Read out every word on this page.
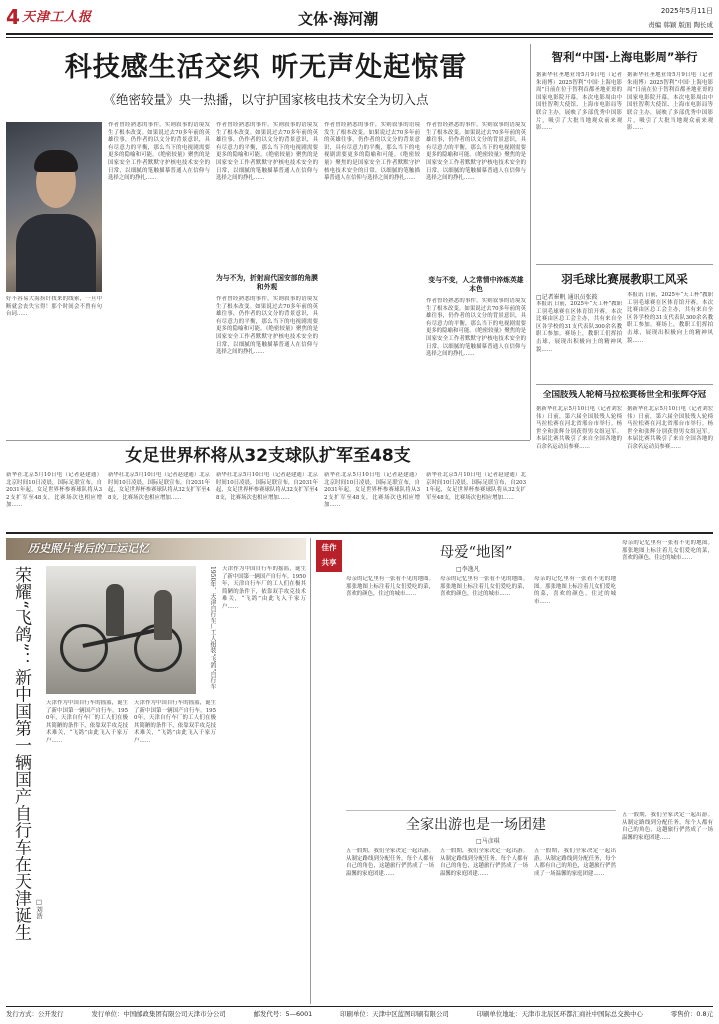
4 天津工人报	文体·海河潮	2025年5月11日
责编 韩颖 版面 陶长成
科技感生活交织 听无声处起惊雷
《绝密较量》央一热播，以守护国家核电技术安全为切入点
好不容易大海捞针找来的线索，一旦中断就会丧失宝得！那个时间会不曾有句台词……
作者曾经熟悉的事件，实则叙事的语境发生了根本改变。如果说过去70多年前的英雄往事，仍作者的以文分的背景意识，具有尽意力的平衡，那么当下的电视剧需要更多的隐喻和可能。《绝密较量》聚焦的是国家安全工作者默默守护核电技术安全的日常，以细腻的笔触描摹普通人在信仰与选择之间的挣扎……
作者曾经熟悉的事件，实则叙事的语境发生了根本改变。如果说过去70多年前的英雄往事，仍作者的以文分的背景意识，具有尽意力的平衡，那么当下的电视剧需要更多的隐喻和可能。《绝密较量》聚焦的是国家安全工作者默默守护核电技术安全的日常，以细腻的笔触描摹普通人在信仰与选择之间的挣扎……
为与不为，折射肩代国安部的角膜和外观
作者曾经熟悉的事件，实则叙事的语境发生了根本改变。如果说过去70多年前的英雄往事，仍作者的以文分的背景意识，具有尽意力的平衡，那么当下的电视剧需要更多的隐喻和可能。《绝密较量》聚焦的是国家安全工作者默默守护核电技术安全的日常，以细腻的笔触描摹普通人在信仰与选择之间的挣扎……
作者曾经熟悉的事件，实则叙事的语境发生了根本改变。如果说过去70多年前的英雄往事，仍作者的以文分的背景意识，具有尽意力的平衡，那么当下的电视剧需要更多的隐喻和可能。《绝密较量》聚焦的是国家安全工作者默默守护核电技术安全的日常，以细腻的笔触描摹普通人在信仰与选择之间的挣扎……
作者曾经熟悉的事件，实则叙事的语境发生了根本改变。如果说过去70多年前的英雄往事，仍作者的以文分的背景意识，具有尽意力的平衡，那么当下的电视剧需要更多的隐喻和可能。《绝密较量》聚焦的是国家安全工作者默默守护核电技术安全的日常，以细腻的笔触描摹普通人在信仰与选择之间的挣扎……
变与不变，人之常情中淬炼英雄本色
作者曾经熟悉的事件，实则叙事的语境发生了根本改变。如果说过去70多年前的英雄往事，仍作者的以文分的背景意识，具有尽意力的平衡，那么当下的电视剧需要更多的隐喻和可能。《绝密较量》聚焦的是国家安全工作者默默守护核电技术安全的日常，以细腻的笔触描摹普通人在信仰与选择之间的挣扎……
智利“中国·上海电影周”举行
据新华社圣地亚哥5月9日电（记者朱雨博）2025智利“中国·上海电影周”日前在位于智利首都圣地亚哥的国家电影院开幕。本次电影周由中国驻智利大使馆、上海市电影局等联合主办，展映了多部优秀中国影片，吸引了大批当地观众前来观影……
据新华社圣地亚哥5月9日电（记者朱雨博）2025智利“中国·上海电影周”日前在位于智利首都圣地亚哥的国家电影院开幕。本次电影周由中国驻智利大使馆、上海市电影局等联合主办，展映了多部优秀中国影片，吸引了大批当地观众前来观影……
羽毛球比赛展教职工风采
□记者崔帆 通讯员张筱
本报讯 日前，2025年“天工杯”教职工羽毛球赛在区体育馆开赛。本次比赛由区总工会主办，共有来自全区各学校的31支代表队300余名教职工参加。赛场上，教职工们挥拍击球，展现出积极向上的精神风貌……
本报讯 日前，2025年“天工杯”教职工羽毛球赛在区体育馆开赛。本次比赛由区总工会主办，共有来自全区各学校的31支代表队300余名教职工参加。赛场上，教职工们挥拍击球，展现出积极向上的精神风貌……
全国肢残人轮椅马拉松赛杨世全和张辉夺冠
据新华社北京5月10日电（记者刘宏伟）日前，第六届全国肢残人轮椅马拉松赛在河北省邢台市举行。杨世全和张辉分别获得男女组冠军。本届比赛共吸引了来自全国各地的百余名运动员参赛……
据新华社北京5月10日电（记者刘宏伟）日前，第六届全国肢残人轮椅马拉松赛在河北省邢台市举行。杨世全和张辉分别获得男女组冠军。本届比赛共吸引了来自全国各地的百余名运动员参赛……
女足世界杯将从32支球队扩军至48支
新华社北京5月10日电（记者赵建通）北京时间10日凌晨，国际足联宣布，自2031年起，女足世界杯参赛球队将从32支扩军至48支，比赛场次也相应增加……
新华社北京5月10日电（记者赵建通）北京时间10日凌晨，国际足联宣布，自2031年起，女足世界杯参赛球队将从32支扩军至48支，比赛场次也相应增加……
新华社北京5月10日电（记者赵建通）北京时间10日凌晨，国际足联宣布，自2031年起，女足世界杯参赛球队将从32支扩军至48支，比赛场次也相应增加……
新华社北京5月10日电（记者赵建通）北京时间10日凌晨，国际足联宣布，自2031年起，女足世界杯参赛球队将从32支扩军至48支，比赛场次也相应增加……
新华社北京5月10日电（记者赵建通）北京时间10日凌晨，国际足联宣布，自2031年起，女足世界杯参赛球队将从32支扩军至48支，比赛场次也相应增加……
历史照片背后的工运记忆
荣耀“飞鸽”：新中国第一辆国产自行车在天津诞生 □刘浩
1950年，天津自行车厂工人组装“飞鸽”自行车
天津作为中国自行车的摇篮，诞生了新中国第一辆国产自行车。1950年，天津自行车厂的工人们在极其简陋的条件下，依靠双手攻克技术难关，“飞鸽”由此飞入千家万户……
天津作为中国自行车的摇篮，诞生了新中国第一辆国产自行车。1950年，天津自行车厂的工人们在极其简陋的条件下，依靠双手攻克技术难关，“飞鸽”由此飞入千家万户……
天津作为中国自行车的摇篮，诞生了新中国第一辆国产自行车。1950年，天津自行车厂的工人们在极其简陋的条件下，依靠双手攻克技术难关，“飞鸽”由此飞入千家万户……
佳作
共享
母爱“地图”
□李逸凡
母亲的记忆里有一张看不见的地图。那张地图上标注着儿女们爱吃的菜，喜欢的颜色，住过的城市……
母亲的记忆里有一张看不见的地图。那张地图上标注着儿女们爱吃的菜，喜欢的颜色，住过的城市……
母亲的记忆里有一张看不见的地图。那张地图上标注着儿女们爱吃的菜，喜欢的颜色，住过的城市……
母亲的记忆里有一张看不见的地图。那张地图上标注着儿女们爱吃的菜，喜欢的颜色，住过的城市……
全家出游也是一场团建
□马彦琪
五一假期，我们全家决定一起出游。从制定路线到分配任务，每个人都有自己的角色，这趟旅行俨然成了一场温馨的家庭团建……
五一假期，我们全家决定一起出游。从制定路线到分配任务，每个人都有自己的角色，这趟旅行俨然成了一场温馨的家庭团建……
五一假期，我们全家决定一起出游。从制定路线到分配任务，每个人都有自己的角色，这趟旅行俨然成了一场温馨的家庭团建……
五一假期，我们全家决定一起出游。从制定路线到分配任务，每个人都有自己的角色，这趟旅行俨然成了一场温馨的家庭团建……
发行方式：公开发行	发行单位：中国邮政集团有限公司天津市分公司	邮发代号：5—6001	印刷单位：天津中区蓝图印刷有限公司	印刷单位地址：天津市北辰区环都汇商社中国际总交换中心	零售价：0.8元
